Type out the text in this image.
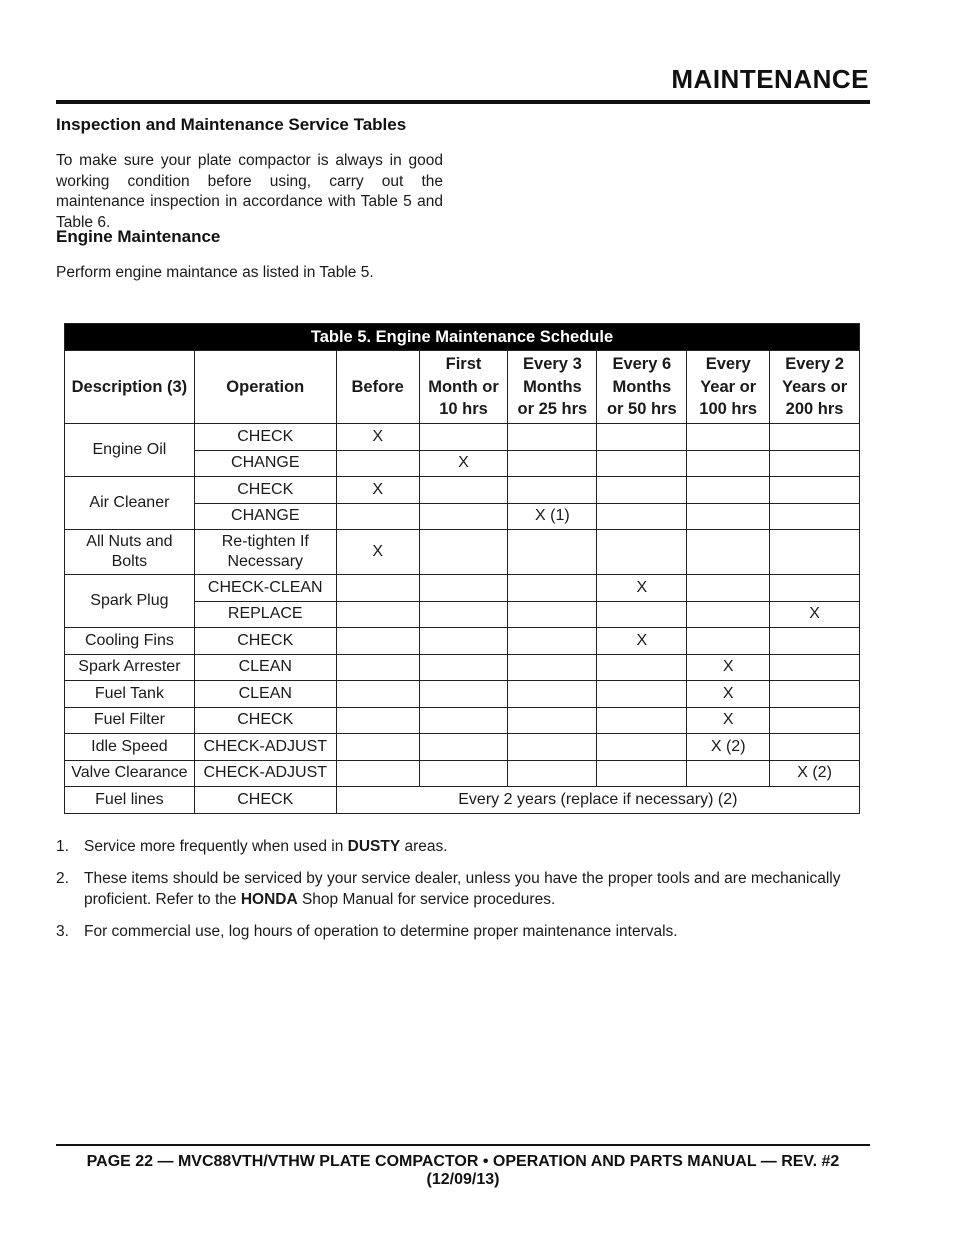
MAINTENANCE
Inspection and Maintenance Service Tables
To make sure your plate compactor is always in good working condition before using, carry out the maintenance inspection in accordance with Table 5 and Table 6.
Engine Maintenance
Perform engine maintance as listed in Table 5.
Table 5. Engine Maintenance Schedule							
Description (3)	Operation	Before	First Month or 10 hrs	Every 3 Months or 25 hrs	Every 6 Months or 50 hrs	Every Year or 100 hrs	Every 2 Years or 200 hrs
Engine Oil	CHECK	X					
	CHANGE		X				
Air Cleaner	CHECK	X					
	CHANGE			X (1)			
All Nuts and Bolts	Re-tighten If Necessary	X					
Spark Plug	CHECK-CLEAN				X		
	REPLACE						X
Cooling Fins	CHECK				X		
Spark Arrester	CLEAN					X	
Fuel Tank	CLEAN					X	
Fuel Filter	CHECK					X	
Idle Speed	CHECK-ADJUST					X (2)	
Valve Clearance	CHECK-ADJUST						X (2)
Fuel lines	CHECK	Every 2 years (replace if necessary) (2)					
1. Service more frequently when used in DUSTY areas.
2. These items should be serviced by your service dealer, unless you have the proper tools and are mechanically proficient. Refer to the HONDA Shop Manual for service procedures.
3. For commercial use, log hours of operation to determine proper maintenance intervals.
PAGE 22 — MVC88VTH/VTHW PLATE COMPACTOR • OPERATION AND PARTS MANUAL — REV. #2 (12/09/13)
